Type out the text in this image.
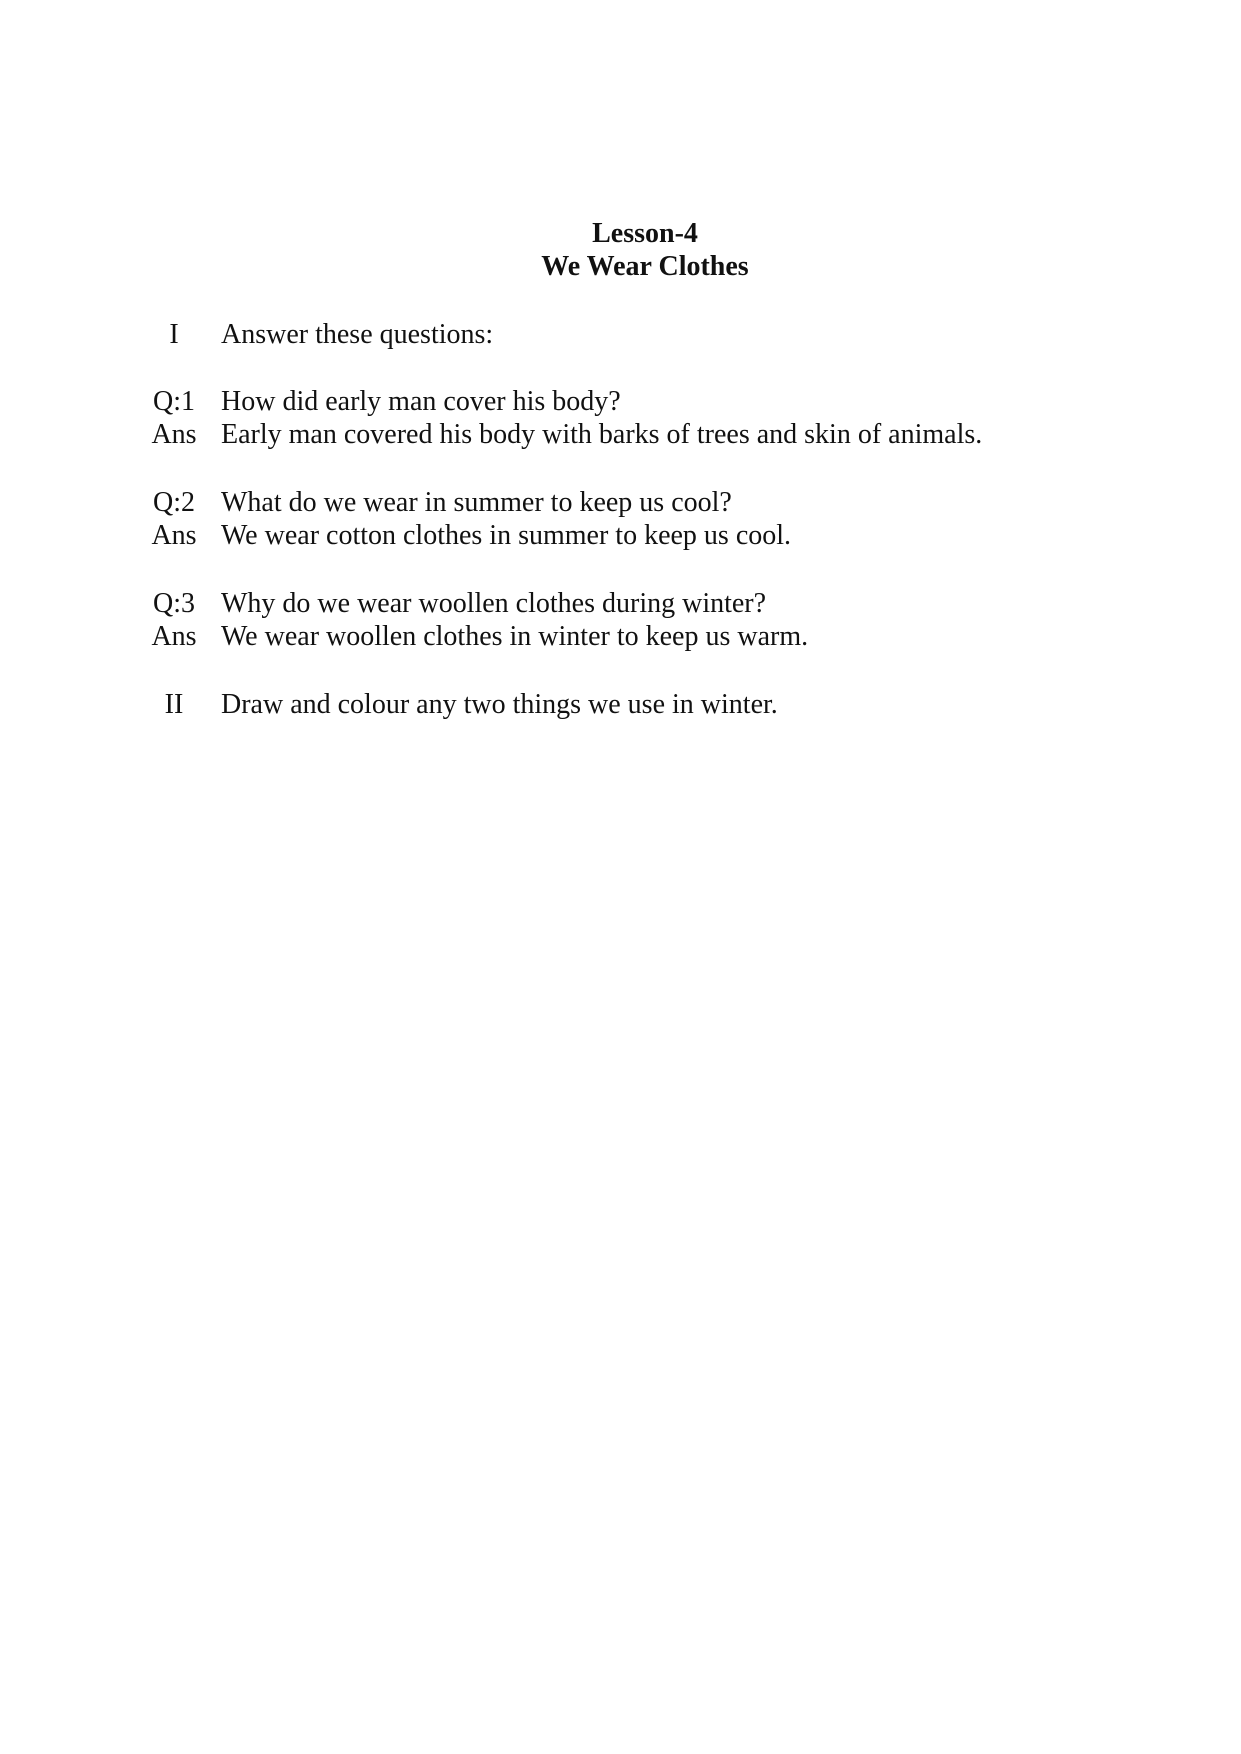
Lesson-4
We Wear Clothes
I	Answer these questions:
Q:1 How did early man cover his body?
Ans Early man covered his body with barks of trees and skin of animals.
Q:2 What do we wear in summer to keep us cool?
Ans We wear cotton clothes in summer to keep us cool.
Q:3 Why do we wear woollen clothes during winter?
Ans We wear woollen clothes in winter to keep us warm.
II	Draw and colour any two things we use in winter.
